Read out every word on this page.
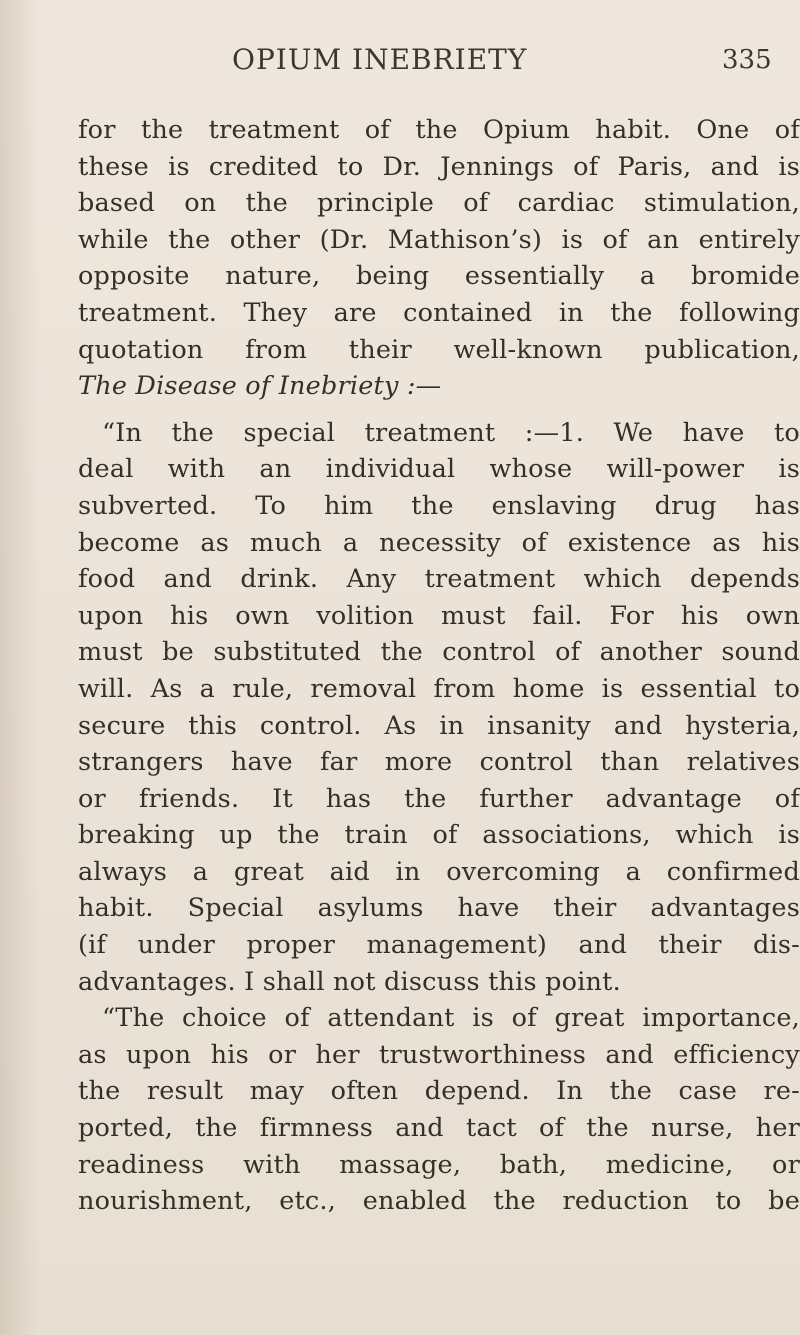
OPIUM INEBRIETY	335
for the treatment of the Opium habit. One of
these is credited to Dr. Jennings of Paris, and is
based on the principle of cardiac stimulation,
while the other (Dr. Mathison’s) is of an entirely
opposite nature, being essentially a bromide
treatment. They are contained in the following
quotation from their well-known publication,
The Disease of Inebriety :—
“In the special treatment :—1. We have to
deal with an individual whose will-power is
subverted. To him the enslaving drug has
become as much a necessity of existence as his
food and drink. Any treatment which depends
upon his own volition must fail. For his own
must be substituted the control of another sound
will. As a rule, removal from home is essential to
secure this control. As in insanity and hysteria,
strangers have far more control than relatives
or friends. It has the further advantage of
breaking up the train of associations, which is
always a great aid in overcoming a confirmed
habit. Special asylums have their advantages
(if under proper management) and their dis-
advantages. I shall not discuss this point.
“The choice of attendant is of great importance,
as upon his or her trustworthiness and efficiency
the result may often depend. In the case re-
ported, the firmness and tact of the nurse, her
readiness with massage, bath, medicine, or
nourishment, etc., enabled the reduction to be
